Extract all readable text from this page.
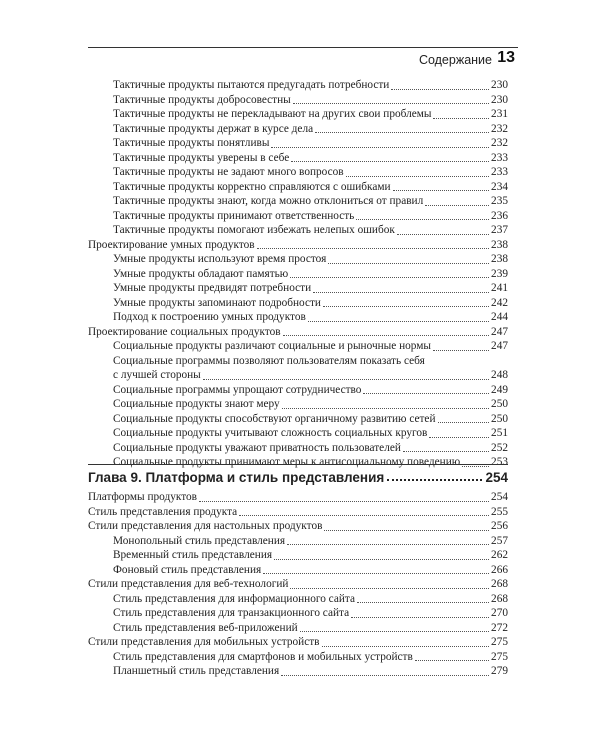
Содержание 13
Тактичные продукты пытаются предугадать потребности	230
Тактичные продукты добросовестны	230
Тактичные продукты не перекладывают на других свои проблемы	231
Тактичные продукты держат в курсе дела	232
Тактичные продукты понятливы	232
Тактичные продукты уверены в себе	233
Тактичные продукты не задают много вопросов	233
Тактичные продукты корректно справляются с ошибками	234
Тактичные продукты знают, когда можно отклониться от правил	235
Тактичные продукты принимают ответственность	236
Тактичные продукты помогают избежать нелепых ошибок	237
Проектирование умных продуктов	238
Умные продукты используют время простоя	238
Умные продукты обладают памятью	239
Умные продукты предвидят потребности	241
Умные продукты запоминают подробности	242
Подход к построению умных продуктов	244
Проектирование социальных продуктов	247
Социальные продукты различают социальные и рыночные нормы	247
Социальные программы позволяют пользователям показать себя
с лучшей стороны	248
Социальные программы упрощают сотрудничество	249
Социальные продукты знают меру	250
Социальные продукты способствуют органичному развитию сетей	250
Социальные продукты учитывают сложность социальных кругов	251
Социальные продукты уважают приватность пользователей	252
Социальные продукты принимают меры к антисоциальному поведению	253
Глава 9. Платформа и стиль представления	254
Платформы продуктов	254
Стиль представления продукта	255
Стили представления для настольных продуктов	256
Монопольный стиль представления	257
Временный стиль представления	262
Фоновый стиль представления	266
Стили представления для веб-технологий	268
Стиль представления для информационного сайта	268
Стиль представления для транзакционного сайта	270
Стиль представления веб-приложений	272
Стили представления для мобильных устройств	275
Стиль представления для смартфонов и мобильных устройств	275
Планшетный стиль представления	279
